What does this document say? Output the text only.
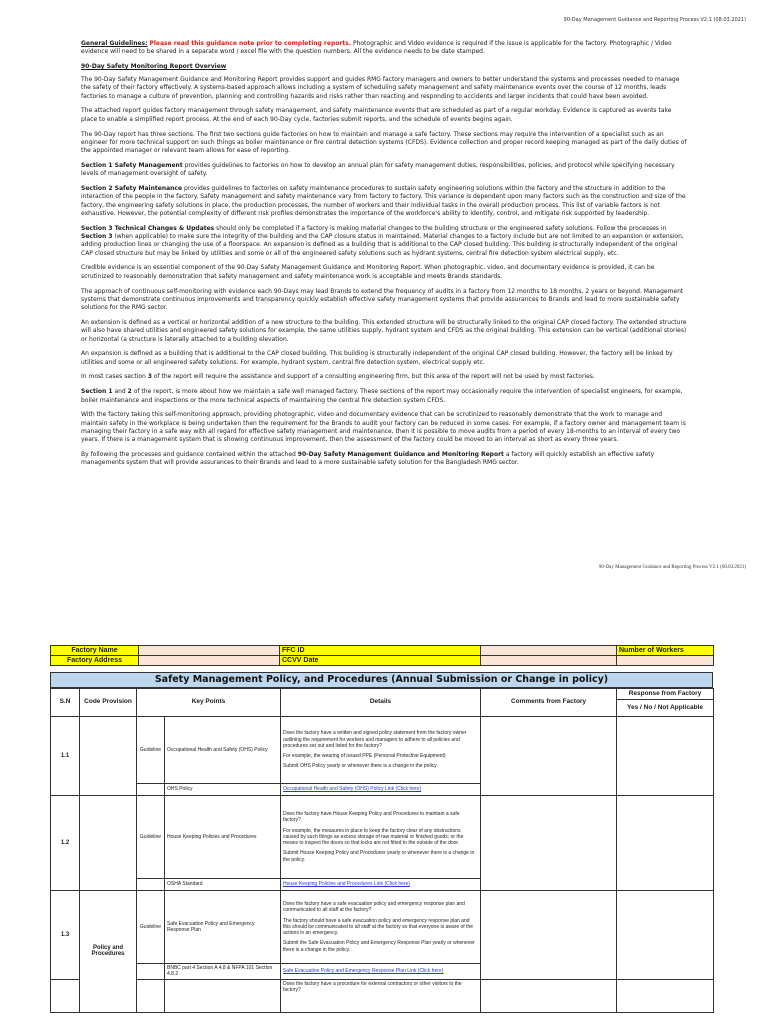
90-Day Management Guidance and Reporting Process V2.1 (08.03.2021)

General Guidelines: Please read this guidance note prior to completing reports. Photographic and Video evidence is required if the issue is applicable for the factory. Photographic / Video evidence will need to be shared in a separate word / excel file with the question numbers. All the evidence needs to be date stamped.

90-Day Safety Monitoring Report Overview

The 90-Day Safety Management Guidance and Monitoring Report provides support and guides RMG factory managers and owners to better understand the systems and processes needed to manage the safety of their factory effectively. A systems-based approach allows including a system of scheduling safety management and safety maintenance events over the course of 12 months, leads factories to manage a culture of prevention, planning and controlling hazards and risks rather than reacting and responding to accidents and larger incidents that could have been avoided.

The attached report guides factory management through safety management, and safety maintenance events that are scheduled as part of a regular workday. Evidence is captured as events take place to enable a simplified report process. At the end of each 90-Day cycle, factories submit reports, and the schedule of events begins again.

The 90-Day report has three sections. The first two sections guide factories on how to maintain and manage a safe factory. These sections may require the intervention of a specialist such as an engineer for more technical support on such things as boiler maintenance or fire central detection systems (CFDS). Evidence collection and proper record keeping managed as part of the daily duties of the appointed manager or relevant team allows for ease of reporting.

Section 1 Safety Management provides guidelines to factories on how to develop an annual plan for safety management duties, responsibilities, policies, and protocol while specifying necessary levels of management oversight of safety.

Section 2 Safety Maintenance provides guidelines to factories on safety maintenance procedures to sustain safety engineering solutions within the factory and the structure in addition to the interaction of the people in the factory. Safety management and safety maintenance vary from factory to factory. This variance is dependent upon many factors such as the construction and size of the factory, the engineering safety solutions in place, the production processes, the number of workers and their individual tasks in the overall production process. This list of variable factors is not exhaustive. However, the potential complexity of different risk profiles demonstrates the importance of the workforce's ability to identify, control, and mitigate risk supported by leadership.

Section 3 Technical Changes & Updates should only be completed if a factory is making material changes to the building structure or the engineered safety solutions. Follow the processes in Section 3 (when applicable) to make sure the integrity of the building and the CAP closure status in maintained. Material changes to a factory include but are not limited to an expansion or extension, adding production lines or changing the use of a floorspace. An expansion is defined as a building that is additional to the CAP closed building. This building is structurally independent of the original CAP closed structure but may be linked by utilities and some or all of the engineered safety solutions such as hydrant systems, central fire detection system electrical supply, etc.

Credible evidence is an essential component of the 90-Day Safety Management Guidance and Monitoring Report. When photographic, video, and documentary evidence is provided, it can be scrutinized to reasonably demonstration that safety management and safety maintenance work is acceptable and meets Brands standards.

The approach of continuous self-monitoring with evidence each 90-Days may lead Brands to extend the frequency of audits in a factory from 12 months to 18 months, 2 years or beyond. Management systems that demonstrate continuous improvements and transparency quickly establish effective safety management systems that provide assurances to Brands and lead to more sustainable safety solutions for the RMG sector.

An extension is defined as a vertical or horizontal addition of a new structure to the building. This extended structure will be structurally linked to the original CAP closed factory. The extended structure will also have shared utilities and engineered safety solutions for example, the same utilities supply, hydrant system and CFDS as the original building. This extension can be vertical (additional stories) or horizontal (a structure is laterally attached to a building elevation.

An expansion is defined as a building that is additional to the CAP closed building. This building is structurally independent of the original CAP closed building. However, the factory will be linked by utilities and some or all engineered safety solutions. For example, hydrant system, central fire detection system, electrical supply etc.

In most cases section 3 of the report will require the assistance and support of a consulting engineering firm, but this area of the report will not be used by most factories.

Section 1 and 2 of the report, is more about how we maintain a safe well managed factory. These sections of the report may occasionally require the intervention of specialist engineers, for example, boiler maintenance and inspections or the more technical aspects of maintaining the central fire detection system CFDS.

With the factory taking this self-monitoring approach, providing photographic, video and documentary evidence that can be scrutinized to reasonably demonstrate that the work to manage and maintain safety in the workplace is being undertaken then the requirement for the Brands to audit your factory can be reduced in some cases. For example, if a factory owner and management team is managing their factory in a safe way with all regard for effective safety management and maintenance, then it is possible to move audits from a period of every 18-months to an interval of every two years. If there is a management system that is showing continuous improvement, then the assessment of the factory could be moved to an interval as short as every three years.

By following the processes and guidance contained within the attached 90-Day Safety Management Guidance and Monitoring Report a factory will quickly establish an effective safety managements system that will provide assurances to their Brands and lead to a more sustainable safety solution for the Bangladesh RMG sector.

90-Day Management Guidance and Reporting Process V2.1 (08.03.2021)
Factory Name		FFC ID		Number of Workers
Factory Address		CCVV Date		
Safety Management Policy, and Procedures (Annual Submission or Change in policy)
S.N	Code Provision	Key Points		Details	Comments from Factory	Response from Factory
						Yes / No / Not Applicable
1.1		Guideline	Occupational Health and Safety (OHS) Policy	Does the factory have a written and signed policy statement from the factory owner outlining the requirement for workers and managers to adhere to all policies and procedures set out and listed for the factory?

For example, the wearing of issued PPE (Personal Protective Equipment)

Submit OHS Policy yearly or whenever there is a change in the policy.		

			OHS Policy	Occupational Health and Safety (OHS) Policy Link (Click here)		
1.2		Guideline	House Keeping Policies and Procedures	Does the factory have House Keeping Policy and Procedures to maintain a safe factory?

For example, the measures in place to keep the factory clear of any obstructions caused by such things as excess storage of raw material or finished goods; or the means to inspect fire doors so that locks are not fitted to the outside of the door.

Submit House Keeping Policy and Procedures yearly or whenever there is a change in the policy.		

			OSHA Standard	House Keeping Policies and Procedures Link (Click here)		
1.3	Policy and Procedures	Guideline	Safe Evacuation Policy and Emergency Response Plan	Does the factory have a safe evacuation policy and emergency response plan and communicated to all staff at the factory?

The factory should have a safe evacuation policy and emergency response plan and this should be communicated to all staff at the factory so that everyone is aware of the actions in an emergency.

Submit the Safe Evacuation Policy and Emergency Response Plan yearly or whenever there is a change in the policy.		

			BNBC part 4 Section A 4.8 & NFPA 101 Section 4.8.2.	Safe Evacuation Policy and Emergency Response Plan Link (Click here)		

				Does the factory have a procedure for external contractors or other visitors to the factory?		
